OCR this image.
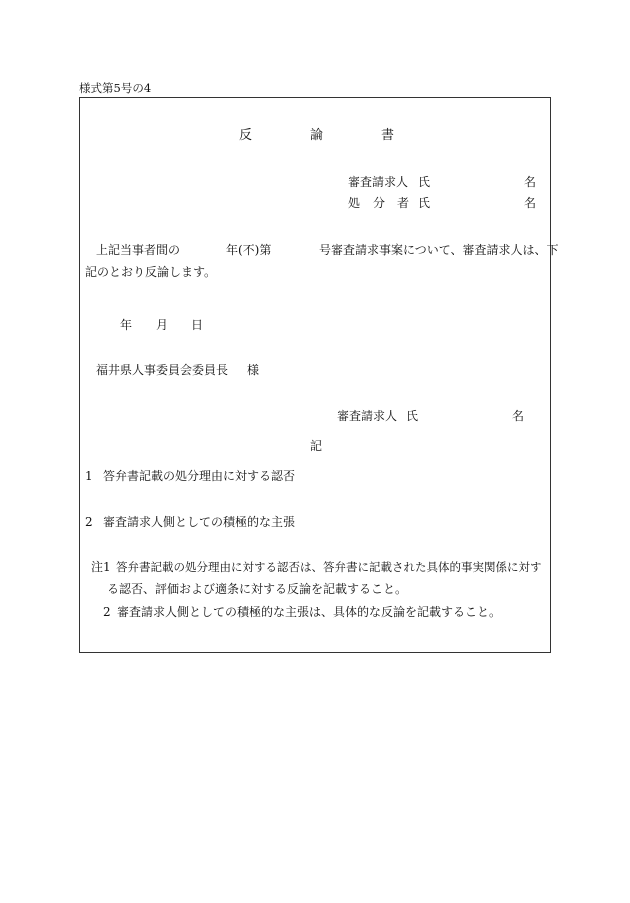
様式第5号の4
反	論	書
審査請求人 氏	名
処 分 者 氏	名
上記当事者間の	年(不)第	号審査請求事案について、審査請求人は、下
記のとおり反論します。
年 月 日
福井県人事委員会委員長 様
審査請求人 氏	名
記
1 答弁書記載の処分理由に対する認否
2 審査請求人側としての積極的な主張
注1 答弁書記載の処分理由に対する認否は、答弁書に記載された具体的事実関係に対す
る認否、評価および適条に対する反論を記載すること。
2 審査請求人側としての積極的な主張は、具体的な反論を記載すること。
